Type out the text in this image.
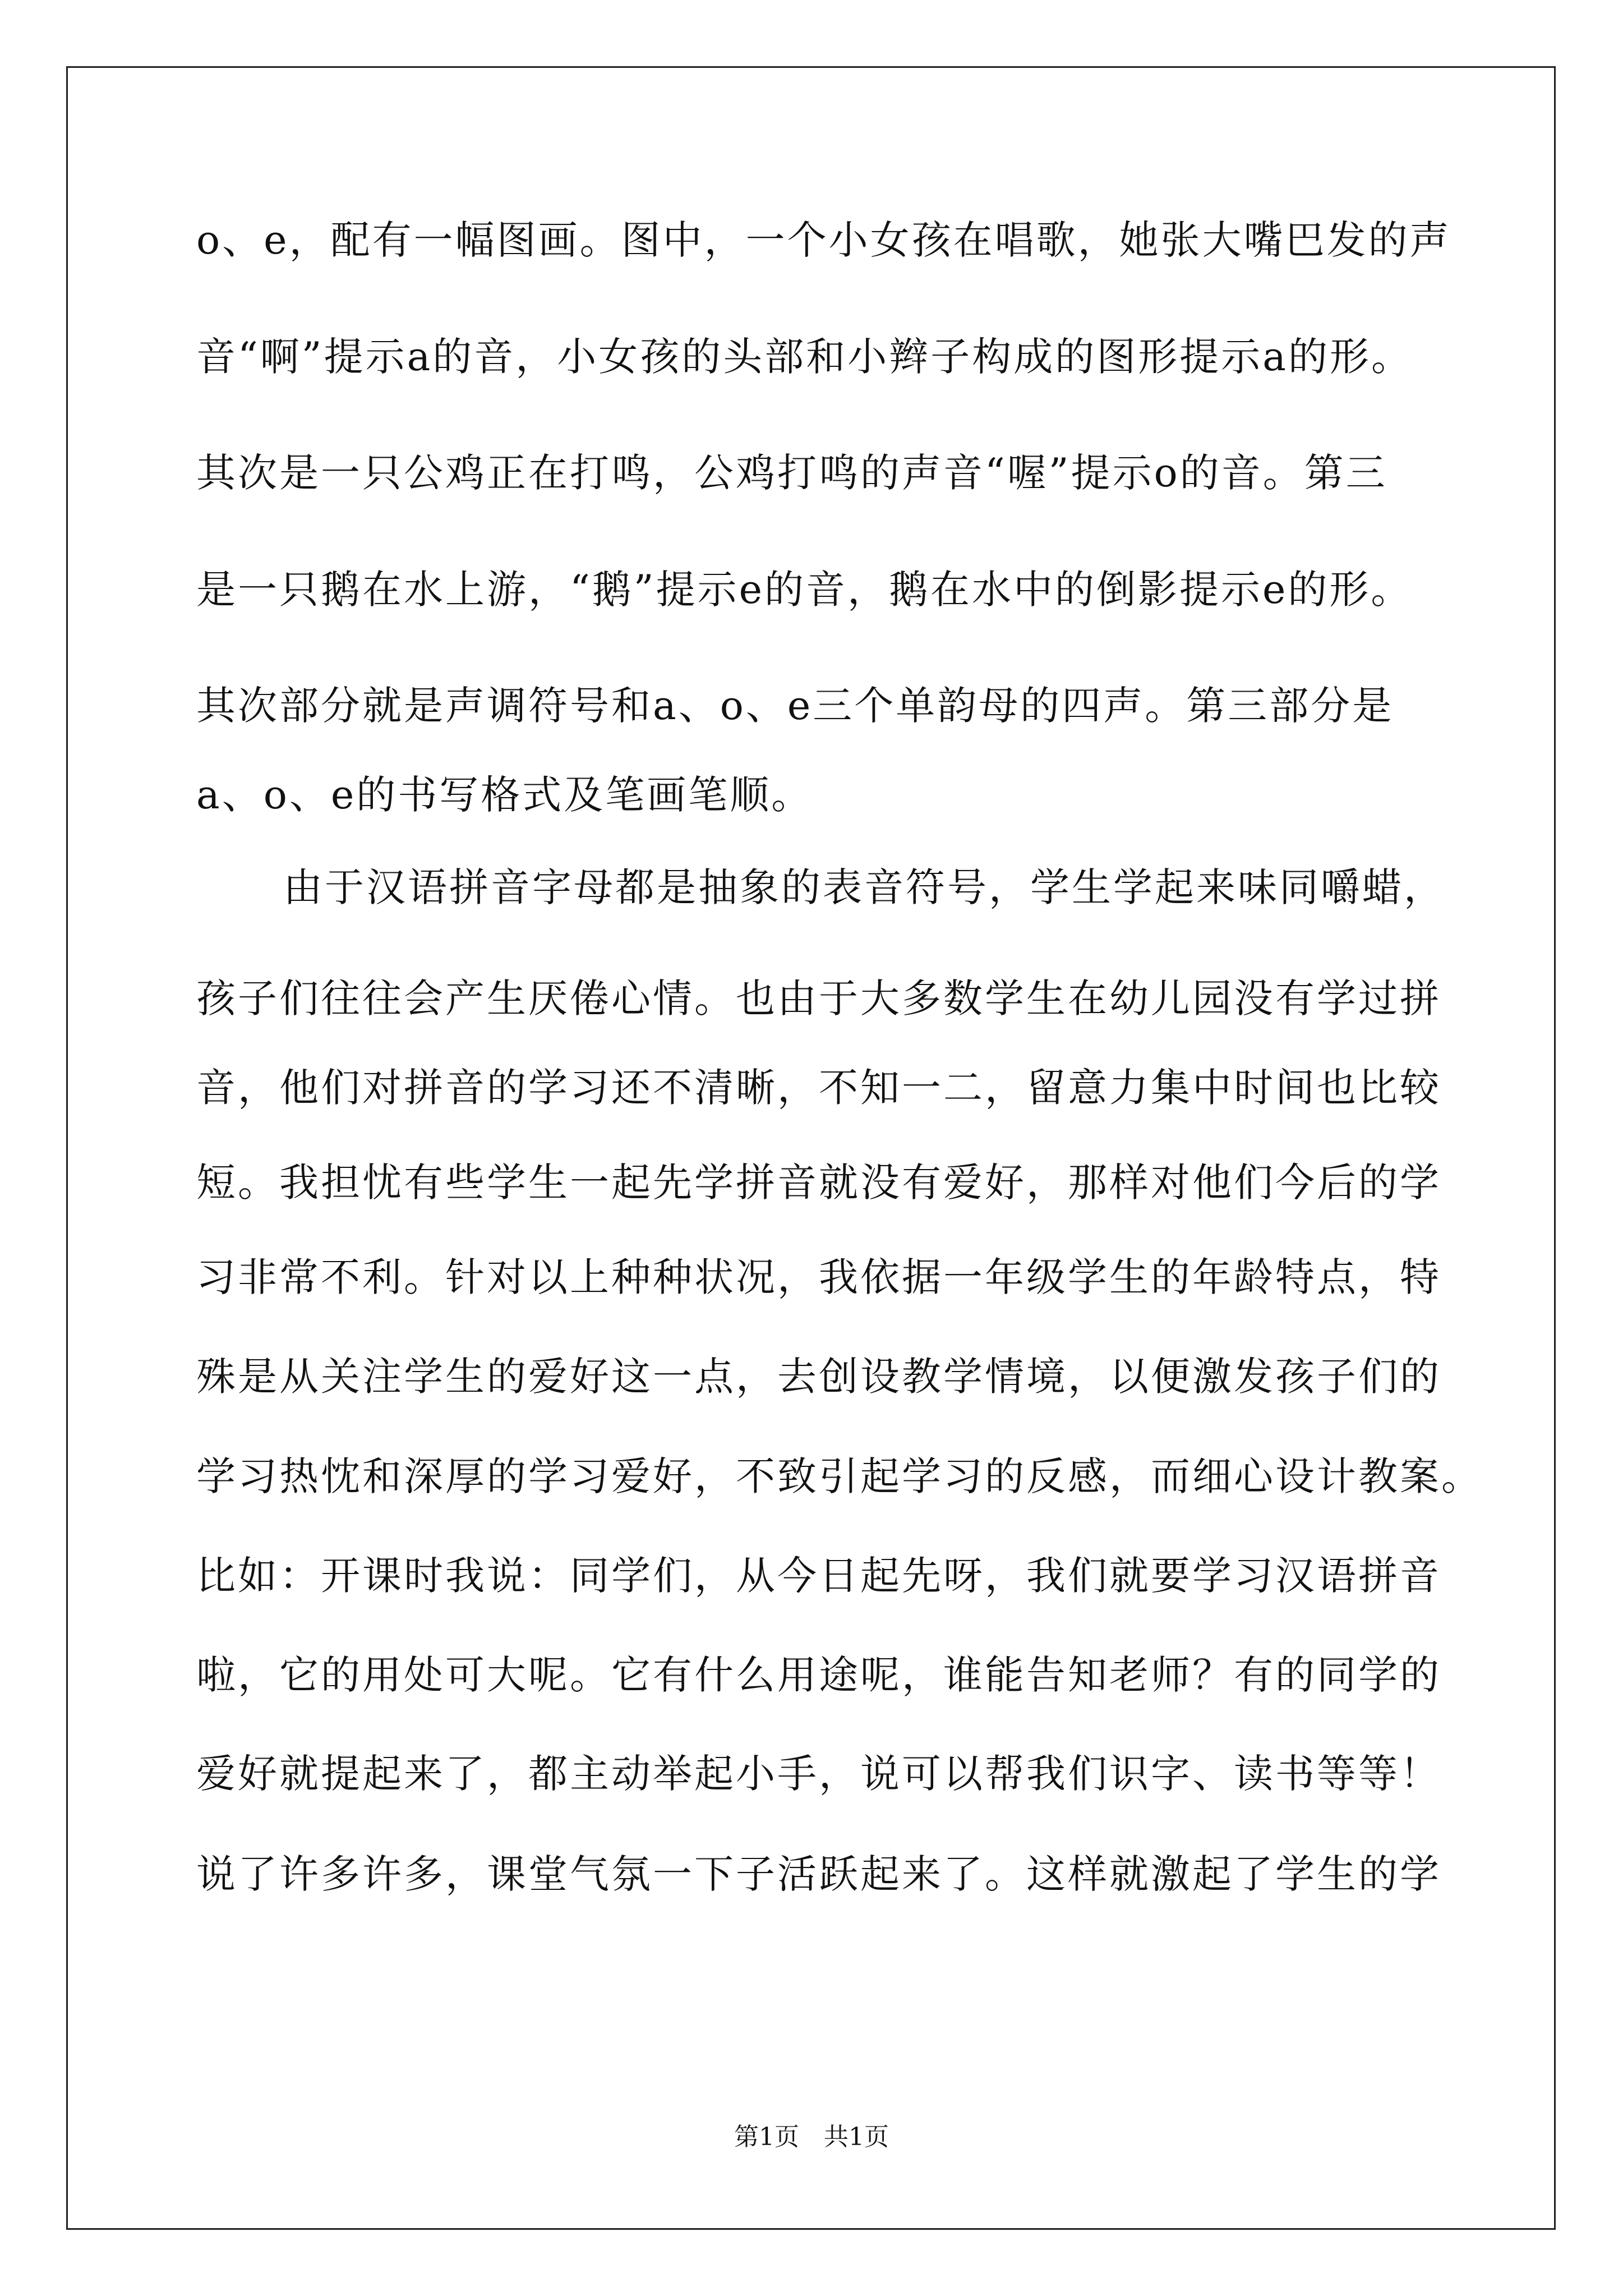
o、e，配有一幅图画。图中，一个小女孩在唱歌，她张大嘴巴发的声
音“啊”提示a的音，小女孩的头部和小辫子构成的图形提示a的形。
其次是一只公鸡正在打鸣，公鸡打鸣的声音“喔”提示o的音。第三
是一只鹅在水上游，“鹅”提示e的音，鹅在水中的倒影提示e的形。
其次部分就是声调符号和a、o、e三个单韵母的四声。第三部分是
a、o、e的书写格式及笔画笔顺。
由于汉语拼音字母都是抽象的表音符号，学生学起来味同嚼蜡，
孩子们往往会产生厌倦心情。也由于大多数学生在幼儿园没有学过拼
音，他们对拼音的学习还不清晰，不知一二，留意力集中时间也比较
短。我担忧有些学生一起先学拼音就没有爱好，那样对他们今后的学
习非常不利。针对以上种种状况，我依据一年级学生的年龄特点，特
殊是从关注学生的爱好这一点，去创设教学情境，以便激发孩子们的
学习热忱和深厚的学习爱好，不致引起学习的反感，而细心设计教案。
比如：开课时我说：同学们，从今日起先呀，我们就要学习汉语拼音
啦，它的用处可大呢。它有什么用途呢，谁能告知老师？有的同学的
爱好就提起来了，都主动举起小手，说可以帮我们识字、读书等等！
说了许多许多，课堂气氛一下子活跃起来了。这样就激起了学生的学
第1页　共1页
